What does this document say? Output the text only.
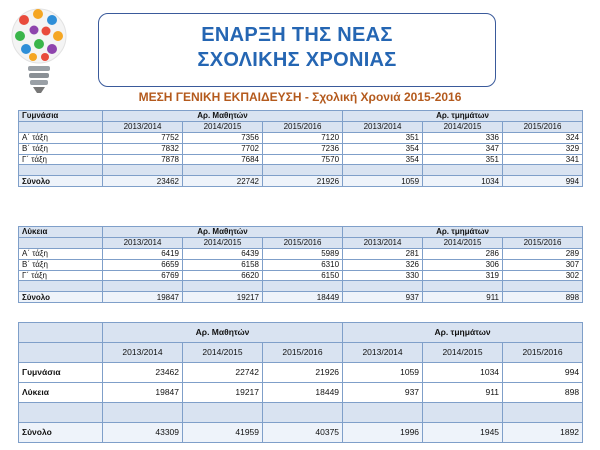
ΕΝΑΡΞΗ ΤΗΣ ΝΕΑΣ
ΣΧΟΛΙΚΗΣ ΧΡΟΝΙΑΣ
ΜΕΣΗ ΓΕΝΙΚΗ ΕΚΠΑΙΔΕΥΣΗ - Σχολική Χρονιά 2015-2016
Γυμνάσια	Αρ. Μαθητών			Αρ. τμημάτων		
	2013/2014	2014/2015	2015/2016	2013/2014	2014/2015	2015/2016
Α΄ τάξη	7752	7356	7120	351	336	324
Β΄ τάξη	7832	7702	7236	354	347	329
Γ΄ τάξη	7878	7684	7570	354	351	341

Σύνολο	23462	22742	21926	1059	1034	994
Λύκεια	Αρ. Μαθητών			Αρ. τμημάτων		
	2013/2014	2014/2015	2015/2016	2013/2014	2014/2015	2015/2016
Α΄ τάξη	6419	6439	5989	281	286	289
Β΄ τάξη	6659	6158	6310	326	306	307
Γ΄ τάξη	6769	6620	6150	330	319	302

Σύνολο	19847	19217	18449	937	911	898
	Αρ. Μαθητών			Αρ. τμημάτων		
	2013/2014	2014/2015	2015/2016	2013/2014	2014/2015	2015/2016
Γυμνάσια	23462	22742	21926	1059	1034	994
Λύκεια	19847	19217	18449	937	911	898

Σύνολο	43309	41959	40375	1996	1945	1892
